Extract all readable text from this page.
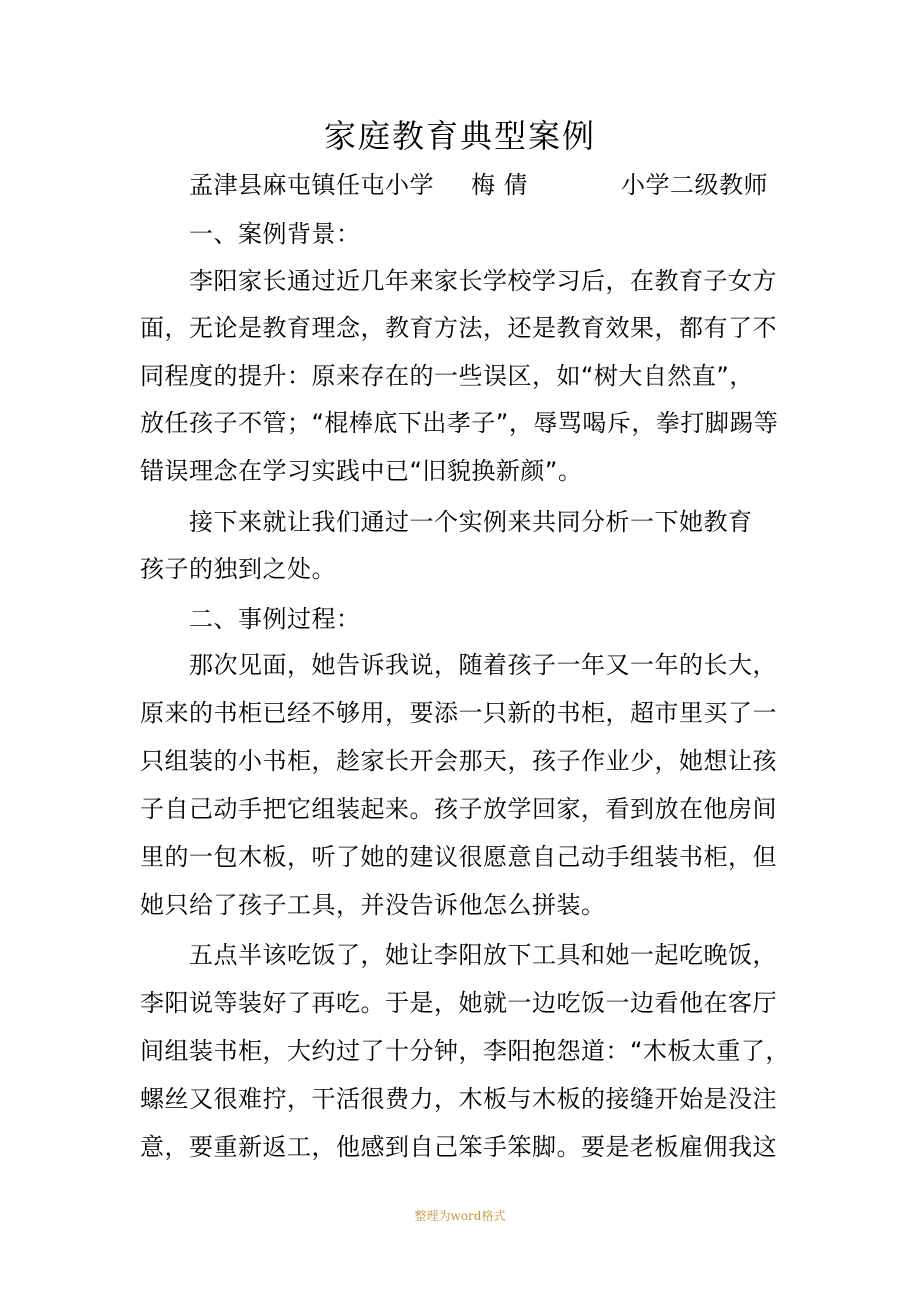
家庭教育典型案例
孟津县麻屯镇任屯小学 梅 倩	小学二级教师
一、案例背景：
李阳家长通过近几年来家长学校学习后，在教育子女方
面，无论是教育理念，教育方法，还是教育效果，都有了不
同程度的提升：原来存在的一些误区，如“树大自然直”，
放任孩子不管；“棍棒底下出孝子”，辱骂喝斥，拳打脚踢等
错误理念在学习实践中已“旧貌换新颜”。
接下来就让我们通过一个实例来共同分析一下她教育
孩子的独到之处。
二、事例过程：
那次见面，她告诉我说，随着孩子一年又一年的长大，
原来的书柜已经不够用，要添一只新的书柜，超市里买了一
只组装的小书柜，趁家长开会那天，孩子作业少，她想让孩
子自己动手把它组装起来。孩子放学回家，看到放在他房间
里的一包木板，听了她的建议很愿意自己动手组装书柜，但
她只给了孩子工具，并没告诉他怎么拼装。
五点半该吃饭了，她让李阳放下工具和她一起吃晚饭，
李阳说等装好了再吃。于是，她就一边吃饭一边看他在客厅
间组装书柜，大约过了十分钟，李阳抱怨道：“木板太重了，
螺丝又很难拧，干活很费力，木板与木板的接缝开始是没注
意，要重新返工，他感到自己笨手笨脚。要是老板雇佣我这
整理为word格式
